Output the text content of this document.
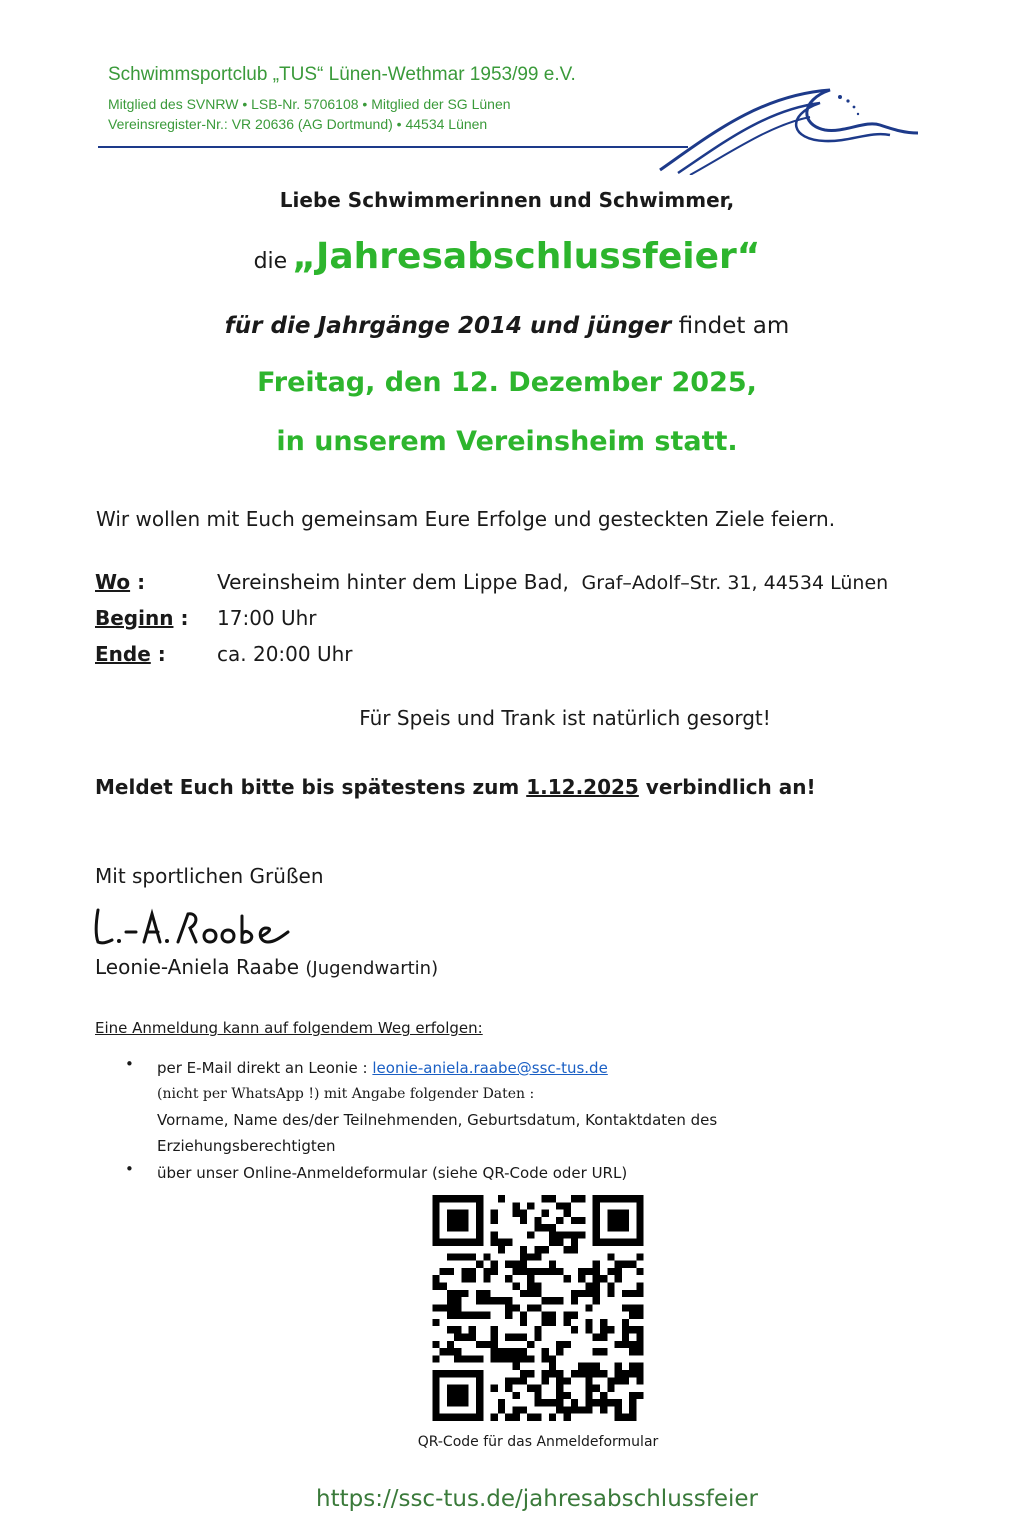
Schwimmsportclub „TUS“ Lünen-Wethmar 1953/99 e.V.
Mitglied des SVNRW • LSB-Nr. 5706108 • Mitglied der SG Lünen
Vereinsregister-Nr.: VR 20636 (AG Dortmund) • 44534 Lünen
Liebe Schwimmerinnen und Schwimmer,
die „Jahresabschlussfeier“
für die Jahrgänge 2014 und jünger findet am
Freitag, den 12. Dezember 2025,
in unserem Vereinsheim statt.
Wir wollen mit Euch gemeinsam Eure Erfolge und gesteckten Ziele feiern.
Wo :	Vereinsheim hinter dem Lippe Bad, Graf–Adolf–Str. 31, 44534 Lünen
Beginn : 17:00 Uhr
Ende :	ca. 20:00 Uhr
Für Speis und Trank ist natürlich gesorgt!
Meldet Euch bitte bis spätestens zum 1.12.2025 verbindlich an!
Mit sportlichen Grüßen
Leonie-Aniela Raabe (Jugendwartin)
Eine Anmeldung kann auf folgendem Weg erfolgen:
• per E-Mail direkt an Leonie : leonie-aniela.raabe@ssc-tus.de
(nicht per WhatsApp !) mit Angabe folgender Daten :
Vorname, Name des/der Teilnehmenden, Geburtsdatum, Kontaktdaten des
Erziehungsberechtigten
• über unser Online-Anmeldeformular (siehe QR-Code oder URL)
QR-Code für das Anmeldeformular
https://ssc-tus.de/jahresabschlussfeier
